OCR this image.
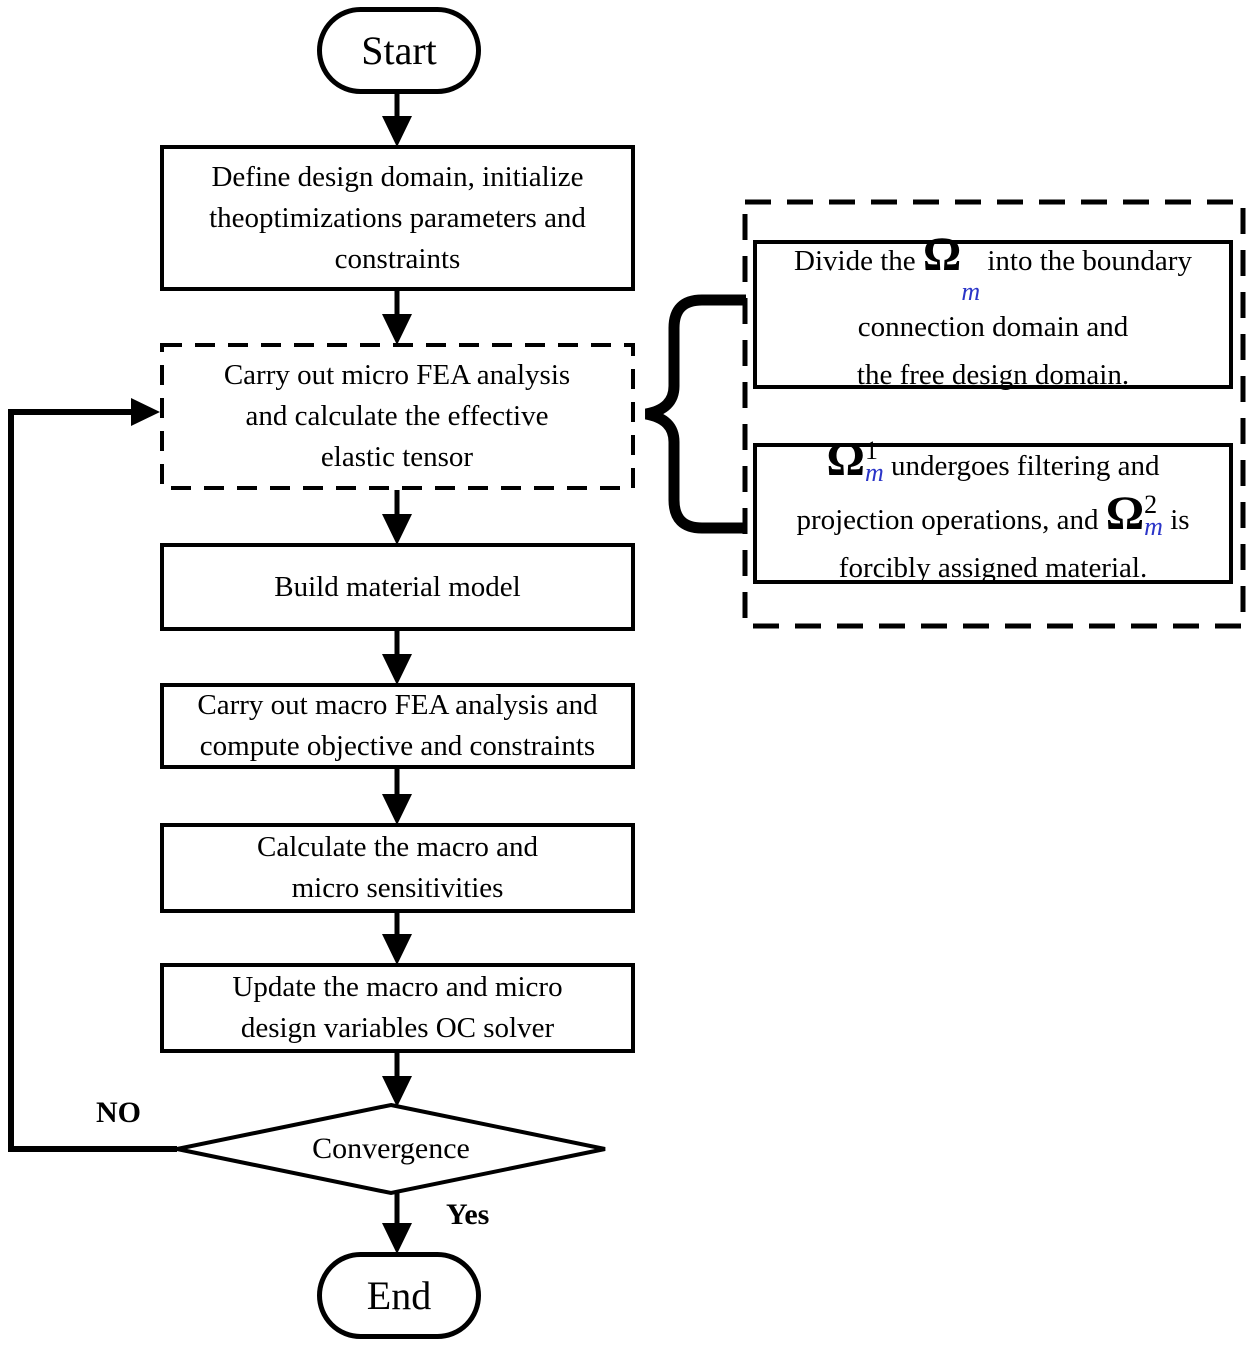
Start
Define design domain, initialize
theoptimizations parameters and
constraints
Carry out micro FEA analysis
and calculate the effective
elastic tensor
Build material model
Carry out macro FEA analysis and
compute objective and constraints
Calculate the macro and
micro sensitivities
Update the macro and micro
design variables OC solver
Convergence
NO
Yes
End
Divide the Ω
m
into the boundary
connection domain and
the free design domain.
Ω 1
m undergoes filtering and
projection operations, and Ω 2
m is
forcibly assigned material.
